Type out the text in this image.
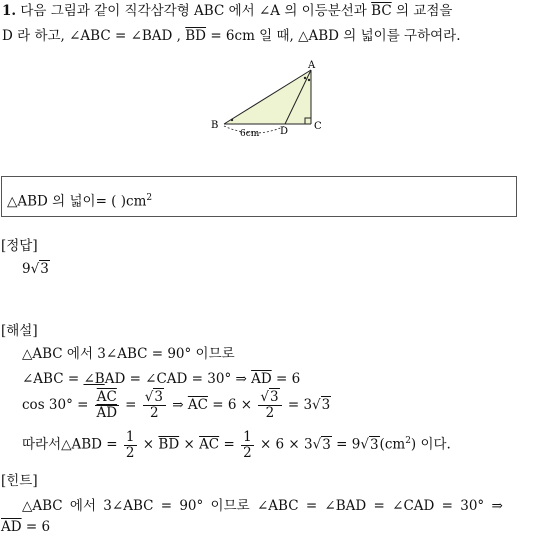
1. 다음 그림과 같이 직각삼각형 ABC 에서 ∠A 의 이등분선과 $\overline{BC}$ 의 교점을
D 라 하고, ∠ABC = ∠BAD , $\overline{BD} = 6cm$ 일 때, △ABD 의 넓이를 구하여라.
A
B	C
D
6cm
△ABD 의 넓이= ( )$cm^2$
[정답]
9√3
[해설]
△ABC 에서 3∠ABC = 90° 이므로
∠ABC = ∠BAD = ∠CAD = 30° ⇒ $\overline{AD} = 6$
$\cos 30^\circ = \frac{\overline{AC}}{AD} = \frac{√3}{2}$ ⇒ $\overline{AC} = 6 \times \frac{√3}{2} = 3√3$
따라서△ABD = $\frac{1}{2} \times \overline{BD} \times \overline{AC} = \frac{1}{2} \times 6 \times 3√3 = 9√3(cm^2)$ 이다.
[힌트]
△ABC 에서 3∠ABC = 90° 이므로 ∠ABC = ∠BAD = ∠CAD = 30° ⇒
$\overline{AD} = 6$
